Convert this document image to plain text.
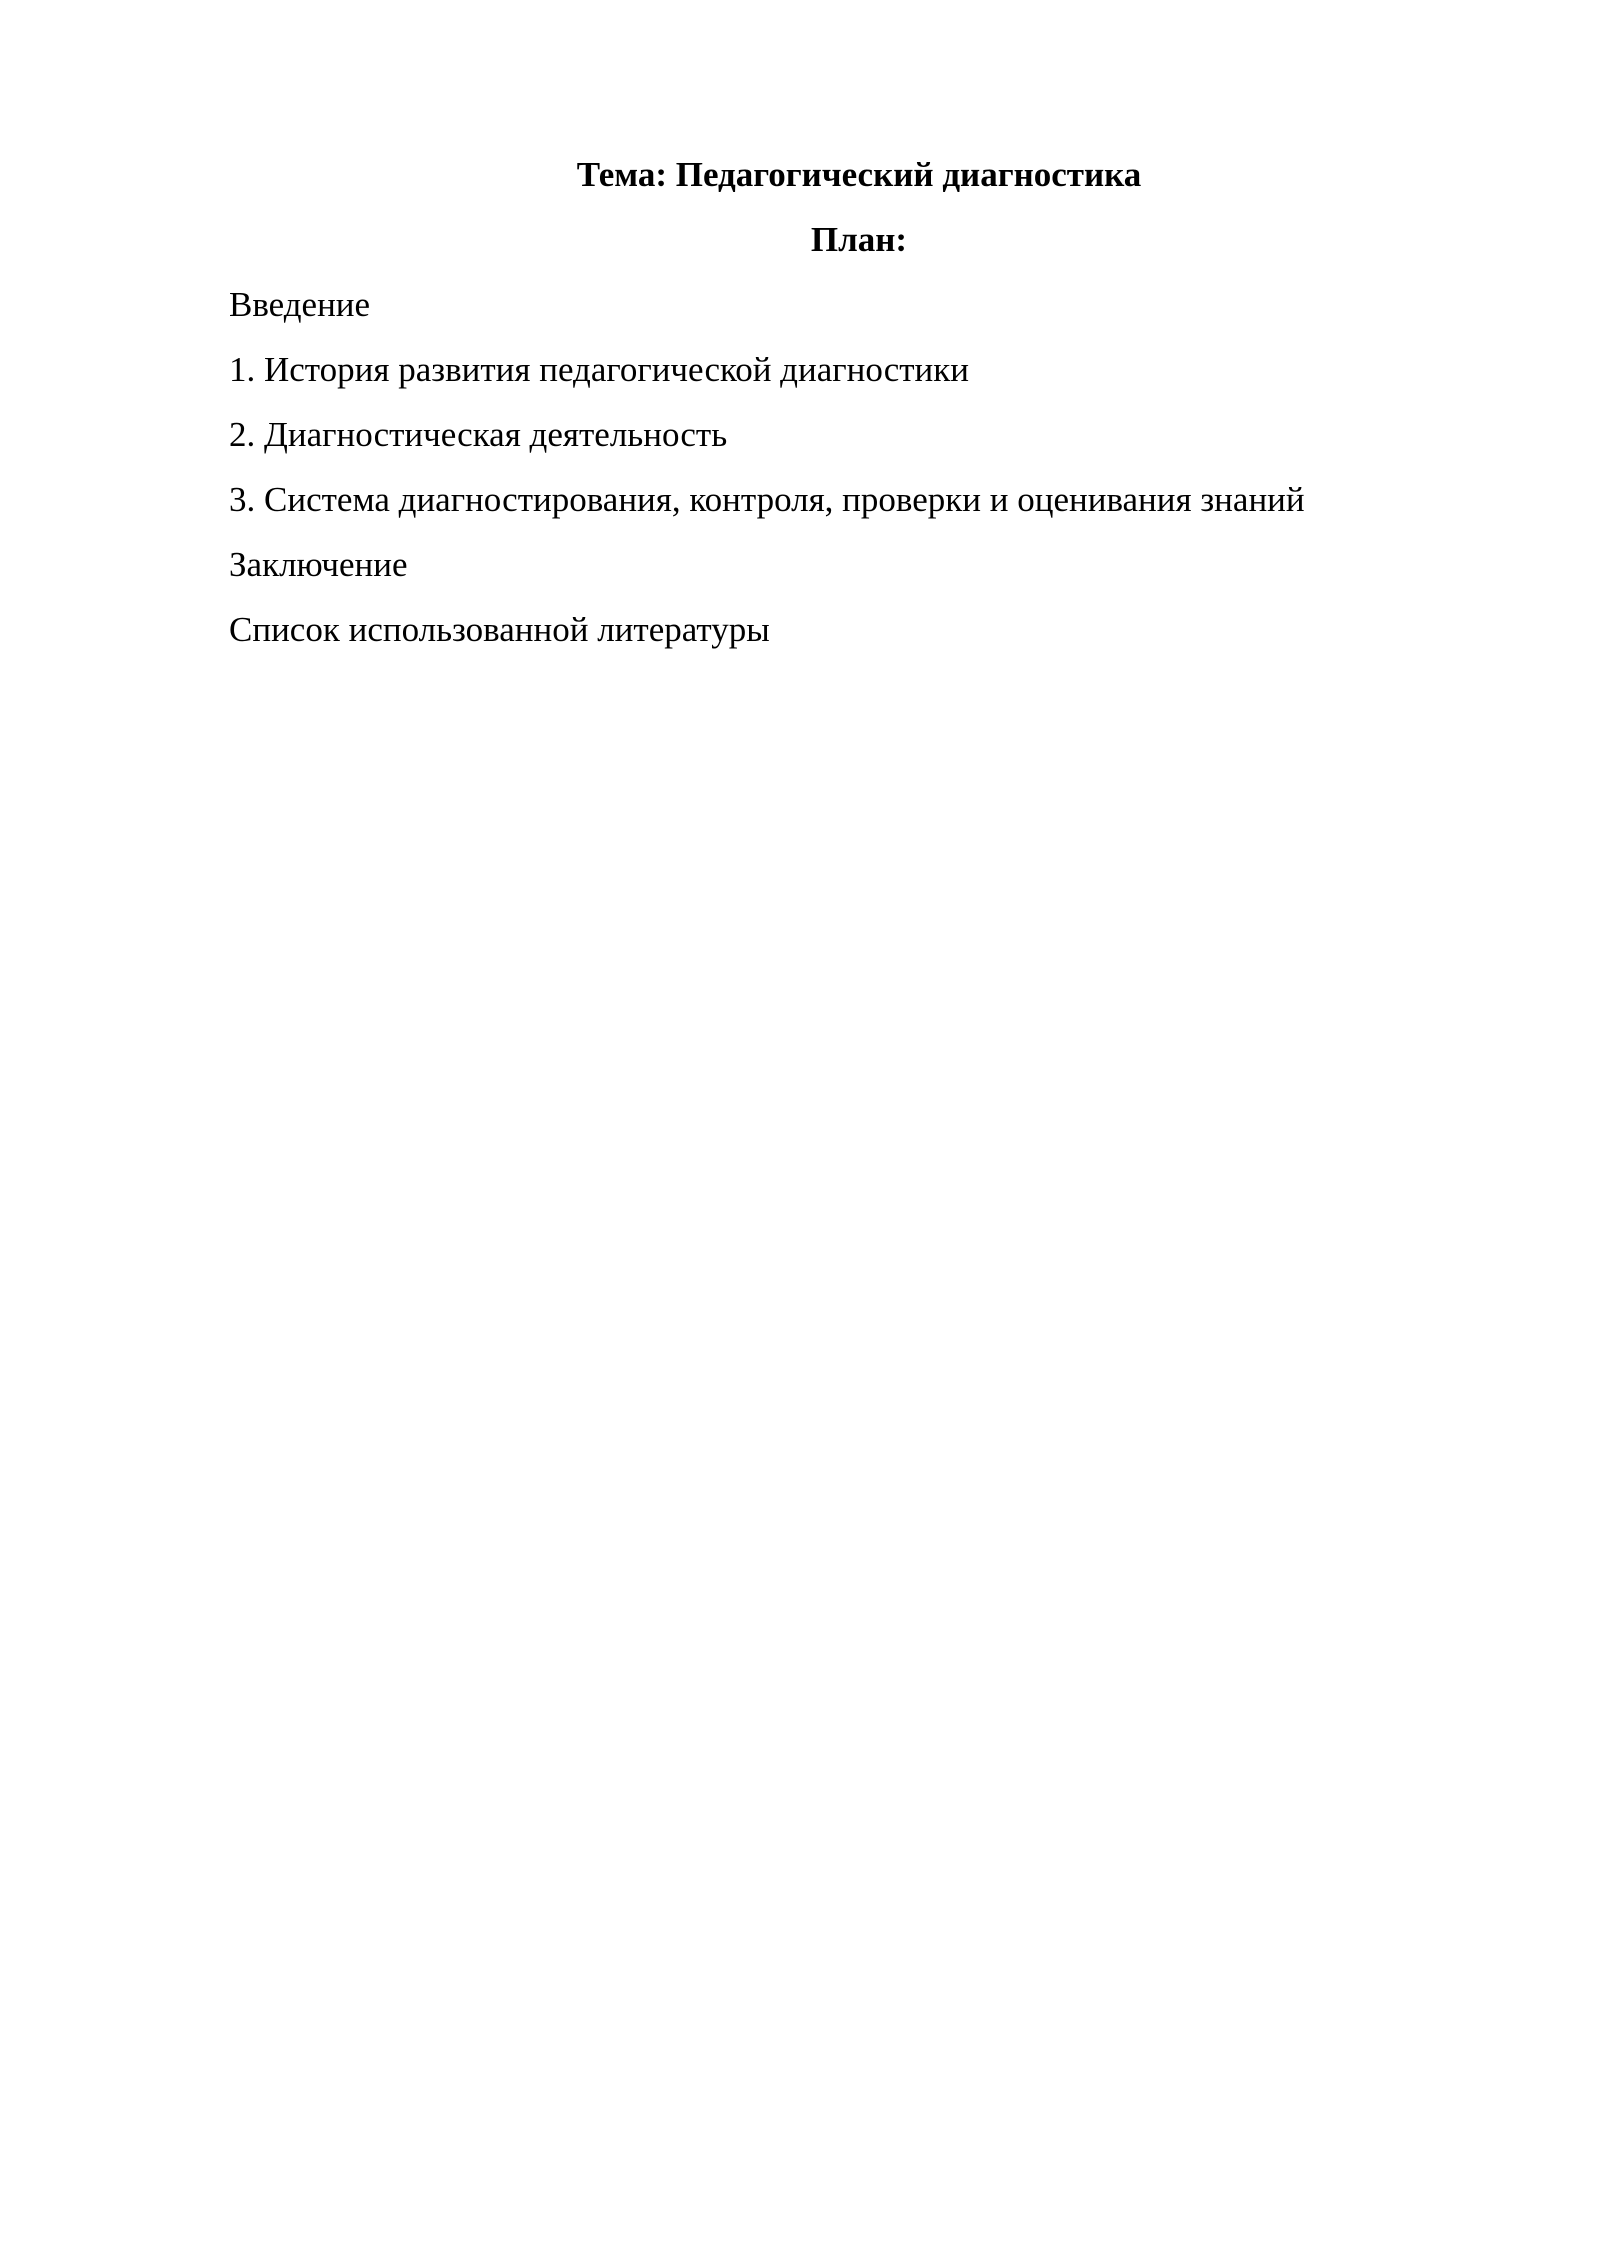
Тема: Педагогический диагностика
План:
Введение
1. История развития педагогической диагностики
2. Диагностическая деятельность
3. Система диагностирования, контроля, проверки и оценивания знаний
Заключение
Список использованной литературы
